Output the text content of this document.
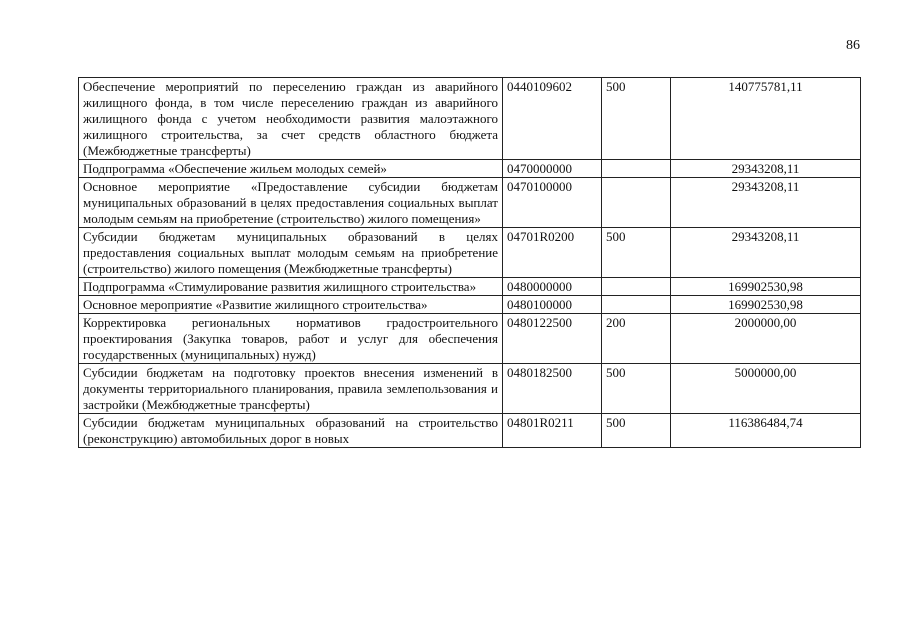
86
Обеспечение мероприятий по переселению граждан из аварийного жилищного фонда, в том числе переселению граждан из аварийного жилищного фонда с учетом необходимости развития малоэтажного жилищного строительства, за счет средств областного бюджета (Межбюджетные трансферты)	0440109602	500	140775781,11
Подпрограмма «Обеспечение жильем молодых семей»	0470000000		29343208,11
Основное мероприятие «Предоставление субсидии бюджетам муниципальных образований в целях предоставления социальных выплат молодым семьям на приобретение (строительство) жилого помещения»	0470100000		29343208,11
Субсидии бюджетам муниципальных образований в целях предоставления социальных выплат молодым семьям на приобретение (строительство) жилого помещения (Межбюджетные трансферты)	04701R0200	500	29343208,11
Подпрограмма «Стимулирование развития жилищного строительства»	0480000000		169902530,98
Основное мероприятие «Развитие жилищного строительства»	0480100000		169902530,98
Корректировка региональных нормативов градостроительного проектирования (Закупка товаров, работ и услуг для обеспечения государственных (муниципальных) нужд)	0480122500	200	2000000,00
Субсидии бюджетам на подготовку проектов внесения изменений в документы территориального планирования, правила землепользования и застройки (Межбюджетные трансферты)	0480182500	500	5000000,00
Субсидии бюджетам муниципальных образований на строительство (реконструкцию) автомобильных дорог в новых	04801R0211	500	116386484,74
